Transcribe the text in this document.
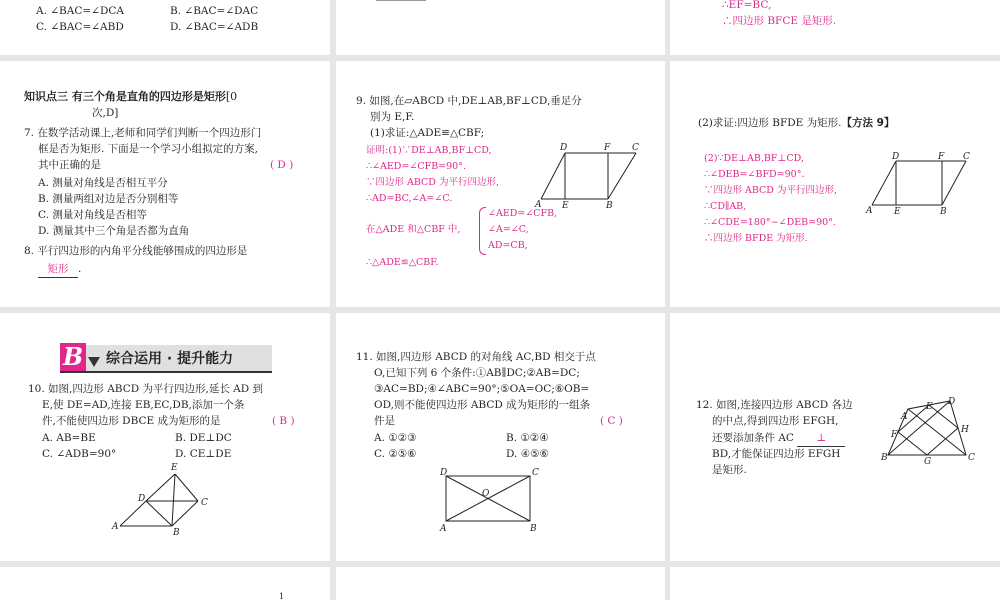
A. ∠BAC=∠DCA	B. ∠BAC=∠DAC
C. ∠BAC=∠ABD	D. ∠BAC=∠ADB
∴EF=BC,
∴四边形 BFCE 是矩形.
知识点三 有三个角是直角的四边形是矩形[0
次,D]
7. 在数学活动课上,老师和同学们判断一个四边形门
框是否为矩形. 下面是一个学习小组拟定的方案,
其中正确的是	( D )
A. 测量对角线是否相互平分
B. 测量两组对边是否分别相等
C. 测量对角线是否相等
D. 测量其中三个角是否都为直角
8. 平行四边形的内角平分线能够围成的四边形是
矩形 .
9. 如图,在▱ABCD 中,DE⊥AB,BF⊥CD,垂足分
别为 E,F.
(1)求证:△ADE≌△CBF;
证明:(1)∵DE⊥AB,BF⊥CD,
∴∠AED=∠CFB=90°.
∵四边形 ABCD 为平行四边形,
∴AD=BC,∠A=∠C.
在△ADE 和△CBF 中,
∠AED=∠CFB,
∠A=∠C,
AD=CB,
∴△ADE≌△CBF.
A E	B
D	F C
(2)求证:四边形 BFDE 为矩形.【方法 9】
(2)∵DE⊥AB,BF⊥CD,
∴∠DEB=∠BFD=90°.
∵四边形 ABCD 为平行四边形,
∴CD∥AB,
∴∠CDE=180°−∠DEB=90°.
∴四边形 BFDE 为矩形.
A E	B
D	F C
B 综合运用 · 提升能力
10. 如图,四边形 ABCD 为平行四边形,延长 AD 到
E,使 DE=AD,连接 EB,EC,DB,添加一个条
件,不能使四边形 DBCE 成为矩形的是	( B )
A. AB=BE	B. DE⊥DC
C. ∠ADB=90°	D. CE⊥DE
A
B
D	C
E
11. 如图,四边形 ABCD 的对角线 AC,BD 相交于点
O,已知下列 6 个条件:①AB∥DC;②AB=DC;
③AC=BD;④∠ABC=90°;⑤OA=OC;⑥OB=
OD,则不能使四边形 ABCD 成为矩形的一组条
件是	( C )
A. ①②③	B. ①②④
C. ②⑤⑥	D. ④⑤⑥
D	C
A	B
O
12. 如图,连接四边形 ABCD 各边
的中点,得到四边形 EFGH,
还要添加条件 AC ⊥
BD,才能保证四边形 EFGH
是矩形.
A
E D
F	H
B	G	C
1
